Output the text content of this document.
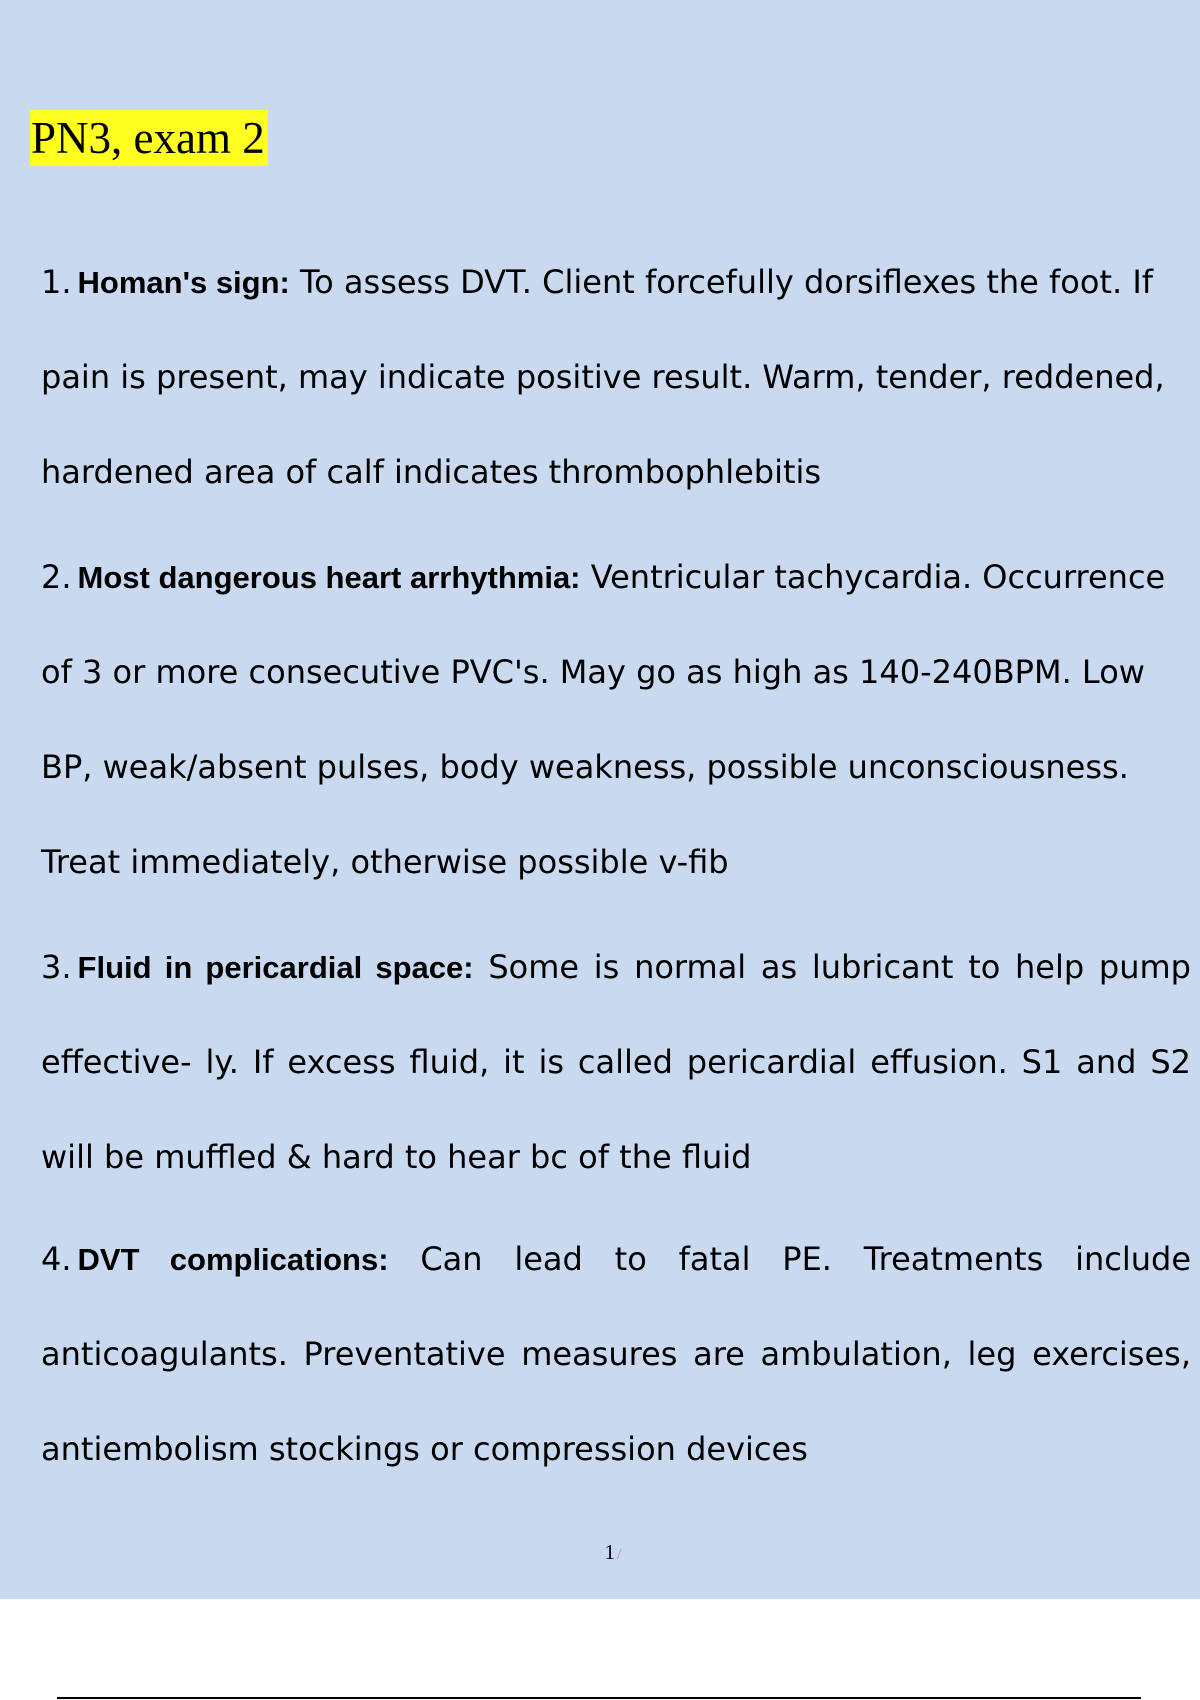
PN3, exam 2

1. Homan's sign: To assess DVT. Client forcefully dorsiflexes the foot. If pain is present, may indicate positive result. Warm, tender, reddened, hardened area of calf indicates thrombophlebitis

2. Most dangerous heart arrhythmia: Ventricular tachycardia. Occurrence of 3 or more consecutive PVC's. May go as high as 140-240BPM. Low BP, weak/absent pulses, body weakness, possible unconsciousness. Treat immediately, otherwise possible v-fib

3. Fluid in pericardial space: Some is normal as lubricant to help pump effective- ly. If excess fluid, it is called pericardial effusion. S1 and S2 will be muffled & hard to hear bc of the fluid

4. DVT complications: Can lead to fatal PE. Treatments include anticoagulants. Preventative measures are ambulation, leg exercises, antiembolism stockings or compression devices

1 /
